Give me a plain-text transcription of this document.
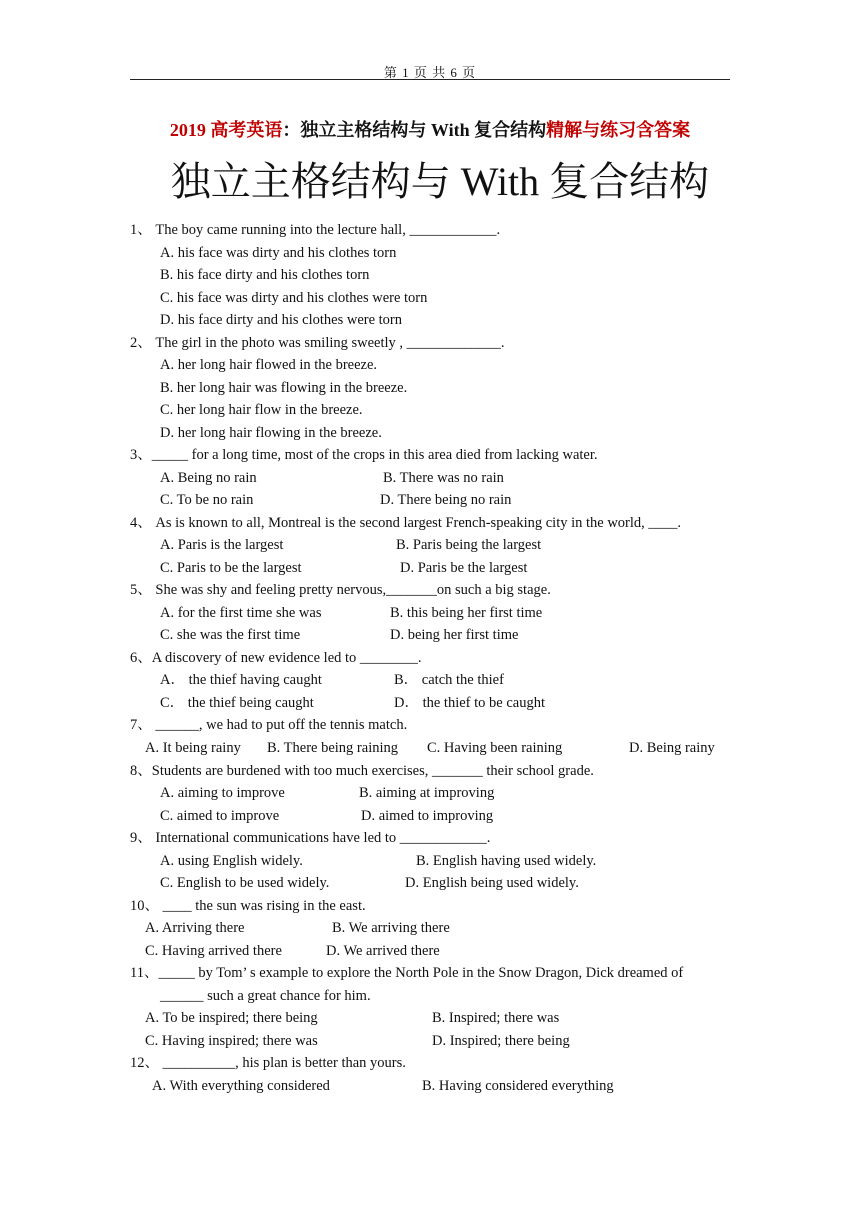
第 1 页 共 6 页
2019 高考英语：独立主格结构与 With 复合结构精解与练习含答案
独立主格结构与 With 复合结构
1、 The boy came running into the lecture hall, ____________.
A. his face was dirty and his clothes torn
B. his face dirty and his clothes torn
C. his face was dirty and his clothes were torn
D. his face dirty and his clothes were torn
2、 The girl in the photo was smiling sweetly , _____________.
A. her long hair flowed in the breeze.
B. her long hair was flowing in the breeze.
C. her long hair flow in the breeze.
D. her long hair flowing in the breeze.
3、_____ for a long time, most of the crops in this area died from lacking water.
A. Being no rain	B. There was no rain
C. To be no rain	D. There being no rain
4、 As is known to all, Montreal is the second largest French-speaking city in the world, ____.
A. Paris is the largest	B. Paris being the largest
C. Paris to be the largest	D. Paris be the largest
5、 She was shy and feeling pretty nervous,_______on such a big stage.
A. for the first time she was	B. this being her first time
C. she was the first time	D. being her first time
6、A discovery of new evidence led to ________.
A． the thief having caught	B． catch the thief
C． the thief being caught	D． the thief to be caught
7、 ______, we had to put off the tennis match.
A. It being rainy B. There being raining C. Having been raining	D. Being rainy
8、Students are burdened with too much exercises, _______ their school grade.
A. aiming to improve	B. aiming at improving
C. aimed to improve	D. aimed to improving
9、 International communications have led to ____________.
A. using English widely.	B. English having used widely.
C. English to be used widely.	D. English being used widely.
10、 ____ the sun was rising in the east.
A. Arriving there	B. We arriving there
C. Having arrived there	D. We arrived there
11、_____ by Tom’ s example to explore the North Pole in the Snow Dragon, Dick dreamed of
______ such a great chance for him.
A. To be inspired; there being	B. Inspired; there was
C. Having inspired; there was	D. Inspired; there being
12、 __________, his plan is better than yours.
A. With everything considered	B. Having considered everything
